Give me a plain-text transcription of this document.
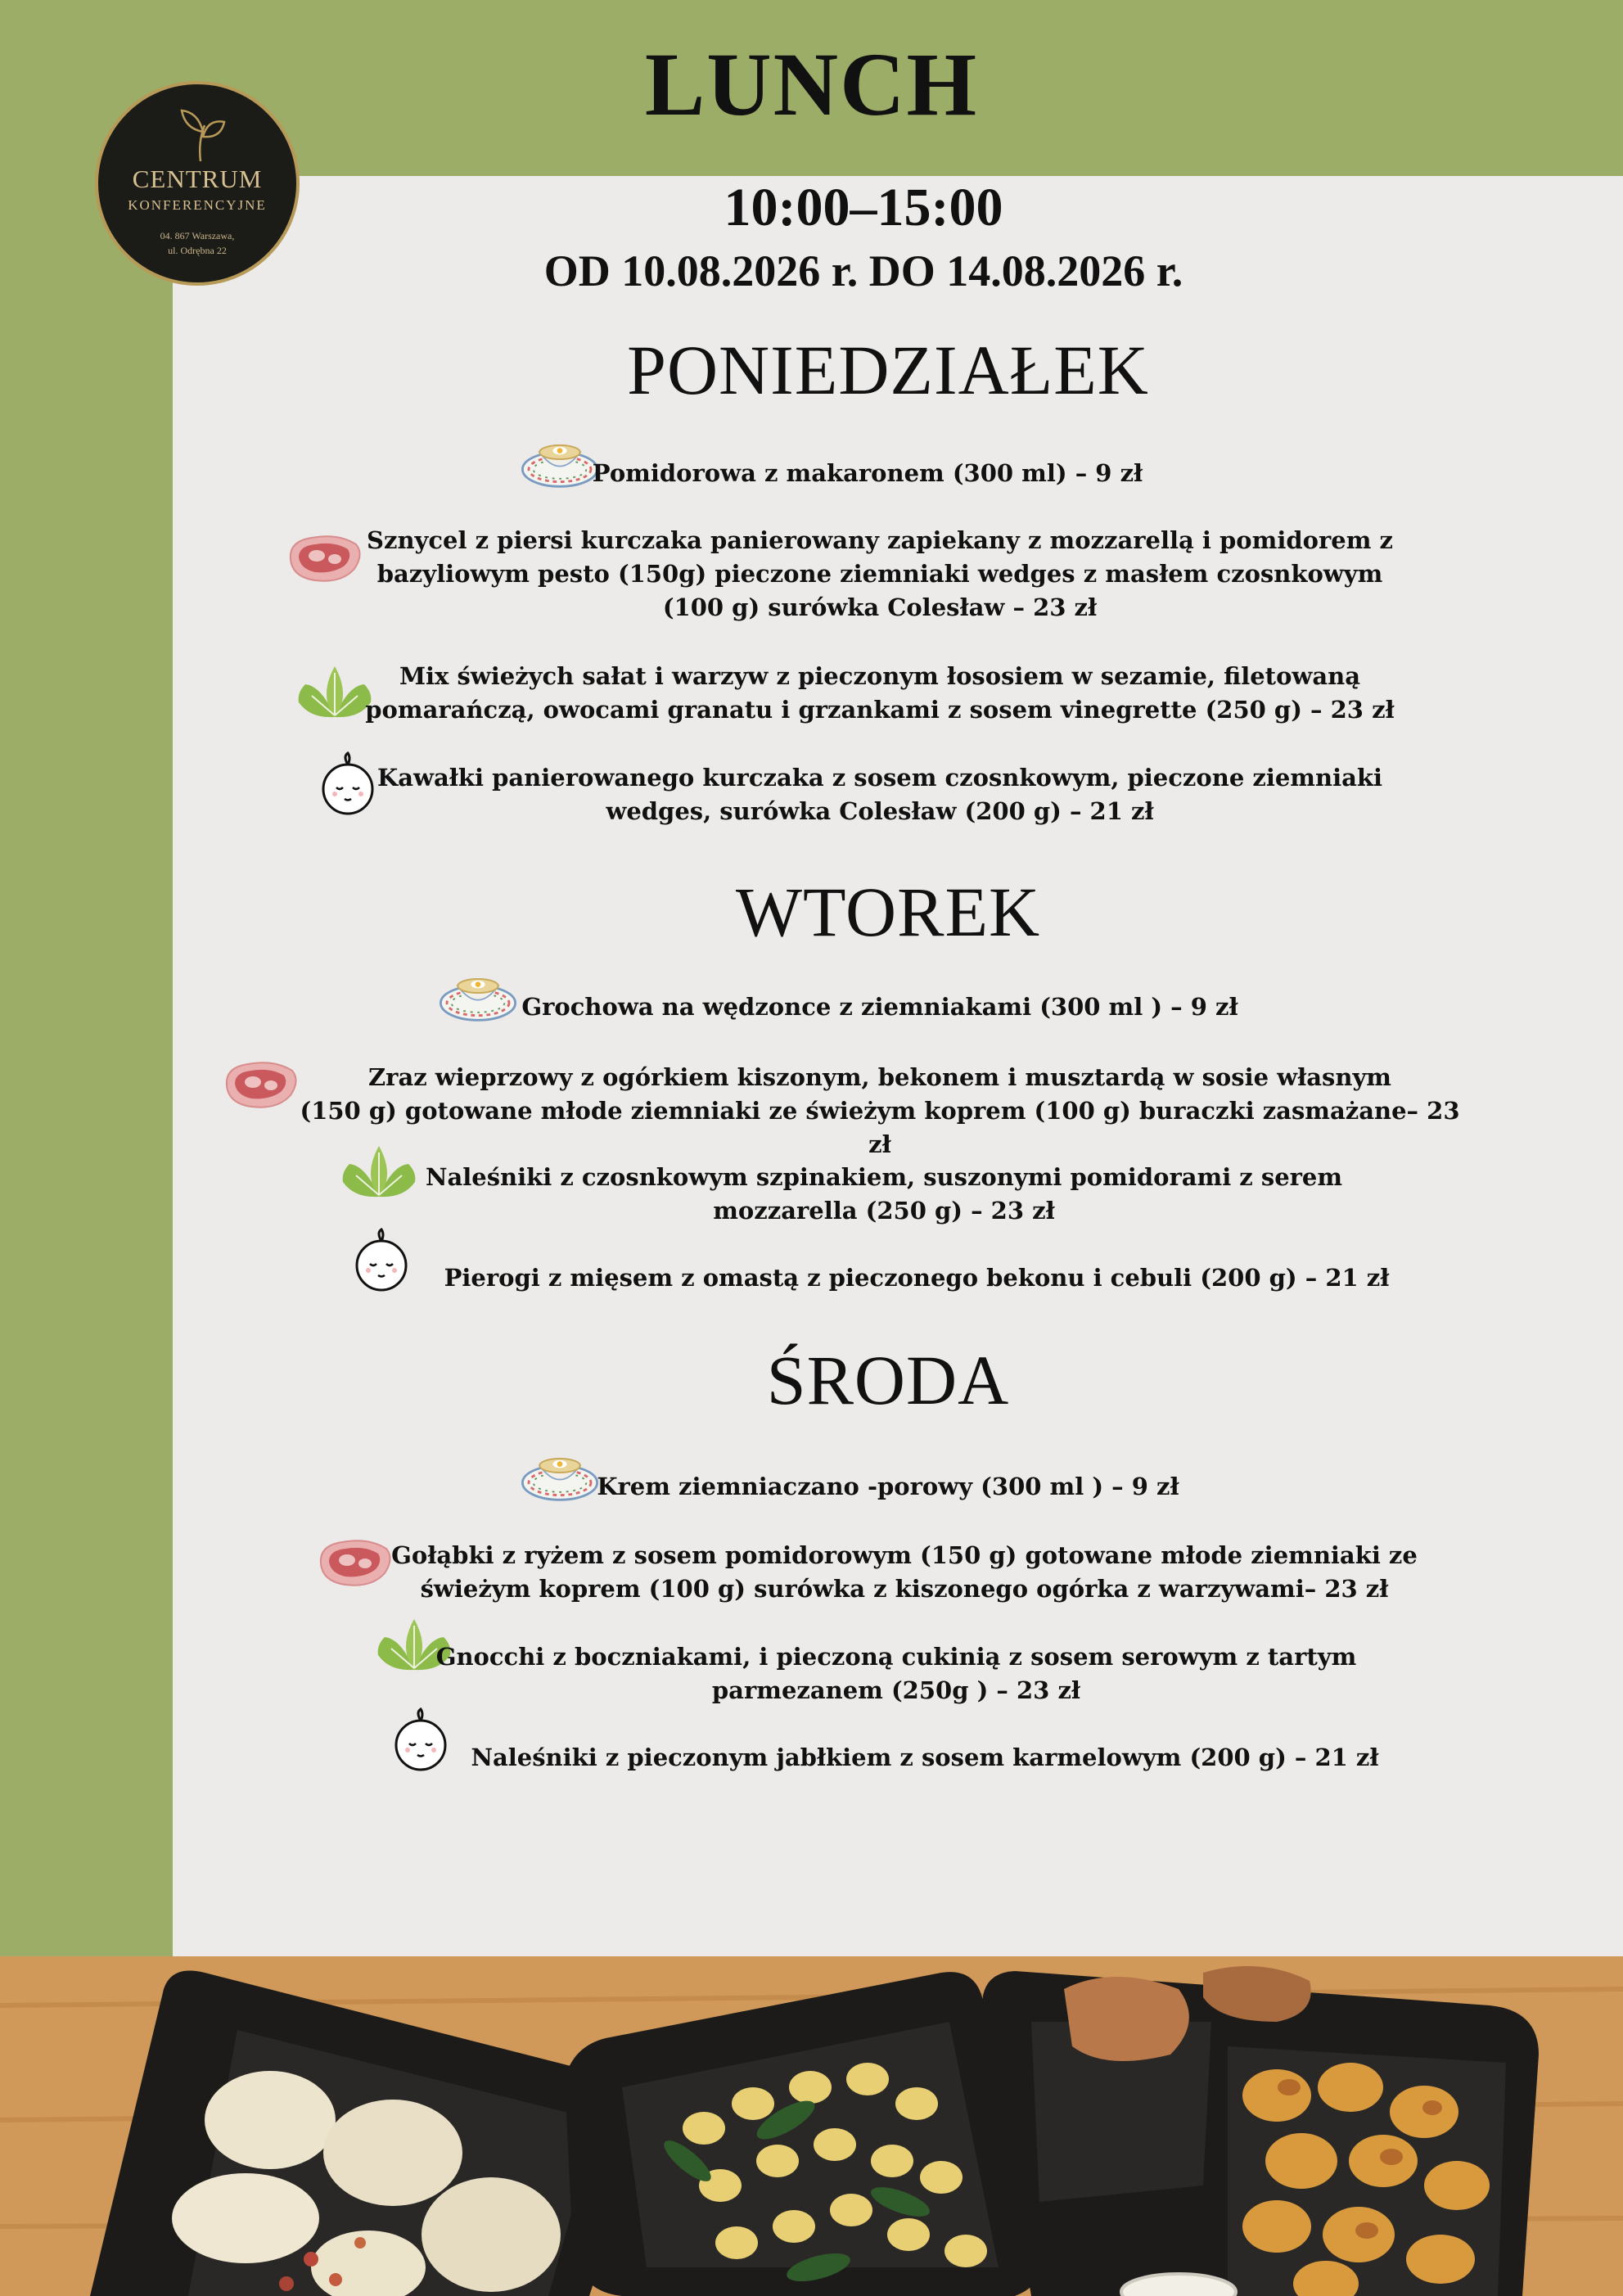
LUNCH
10:00–15:00
OD 10.08.2026 r. DO 14.08.2026 r.
CENTRUM
KONFERENCYJNE
04. 867 Warszawa,
ul. Odrębna 22
PONIEDZIAŁEK
Pomidorowa z makaronem (300 ml) – 9 zł
Sznycel z piersi kurczaka panierowany zapiekany z mozzarellą i pomidorem z
bazyliowym pesto (150g) pieczone ziemniaki wedges z masłem czosnkowym
(100 g) surówka Colesław – 23 zł
Mix świeżych sałat i warzyw z pieczonym łososiem w sezamie, filetowaną
pomarańczą, owocami granatu i grzankami z sosem vinegrette (250 g) – 23 zł
Kawałki panierowanego kurczaka z sosem czosnkowym, pieczone ziemniaki
wedges, surówka Colesław (200 g) – 21 zł
WTOREK
Grochowa na wędzonce z ziemniakami (300 ml ) – 9 zł
Zraz wieprzowy z ogórkiem kiszonym, bekonem i musztardą w sosie własnym
(150 g) gotowane młode ziemniaki ze świeżym koprem (100 g) buraczki zasmażane– 23 zł
Naleśniki z czosnkowym szpinakiem, suszonymi pomidorami z serem
mozzarella (250 g) – 23 zł
Pierogi z mięsem z omastą z pieczonego bekonu i cebuli (200 g) – 21 zł
ŚRODA
Krem ziemniaczano -porowy (300 ml ) – 9 zł
Gołąbki z ryżem z sosem pomidorowym (150 g) gotowane młode ziemniaki ze
świeżym koprem (100 g) surówka z kiszonego ogórka z warzywami– 23 zł
Gnocchi z boczniakami, i pieczoną cukinią z sosem serowym z tartym
parmezanem (250g ) – 23 zł
Naleśniki z pieczonym jabłkiem z sosem karmelowym (200 g) – 21 zł
